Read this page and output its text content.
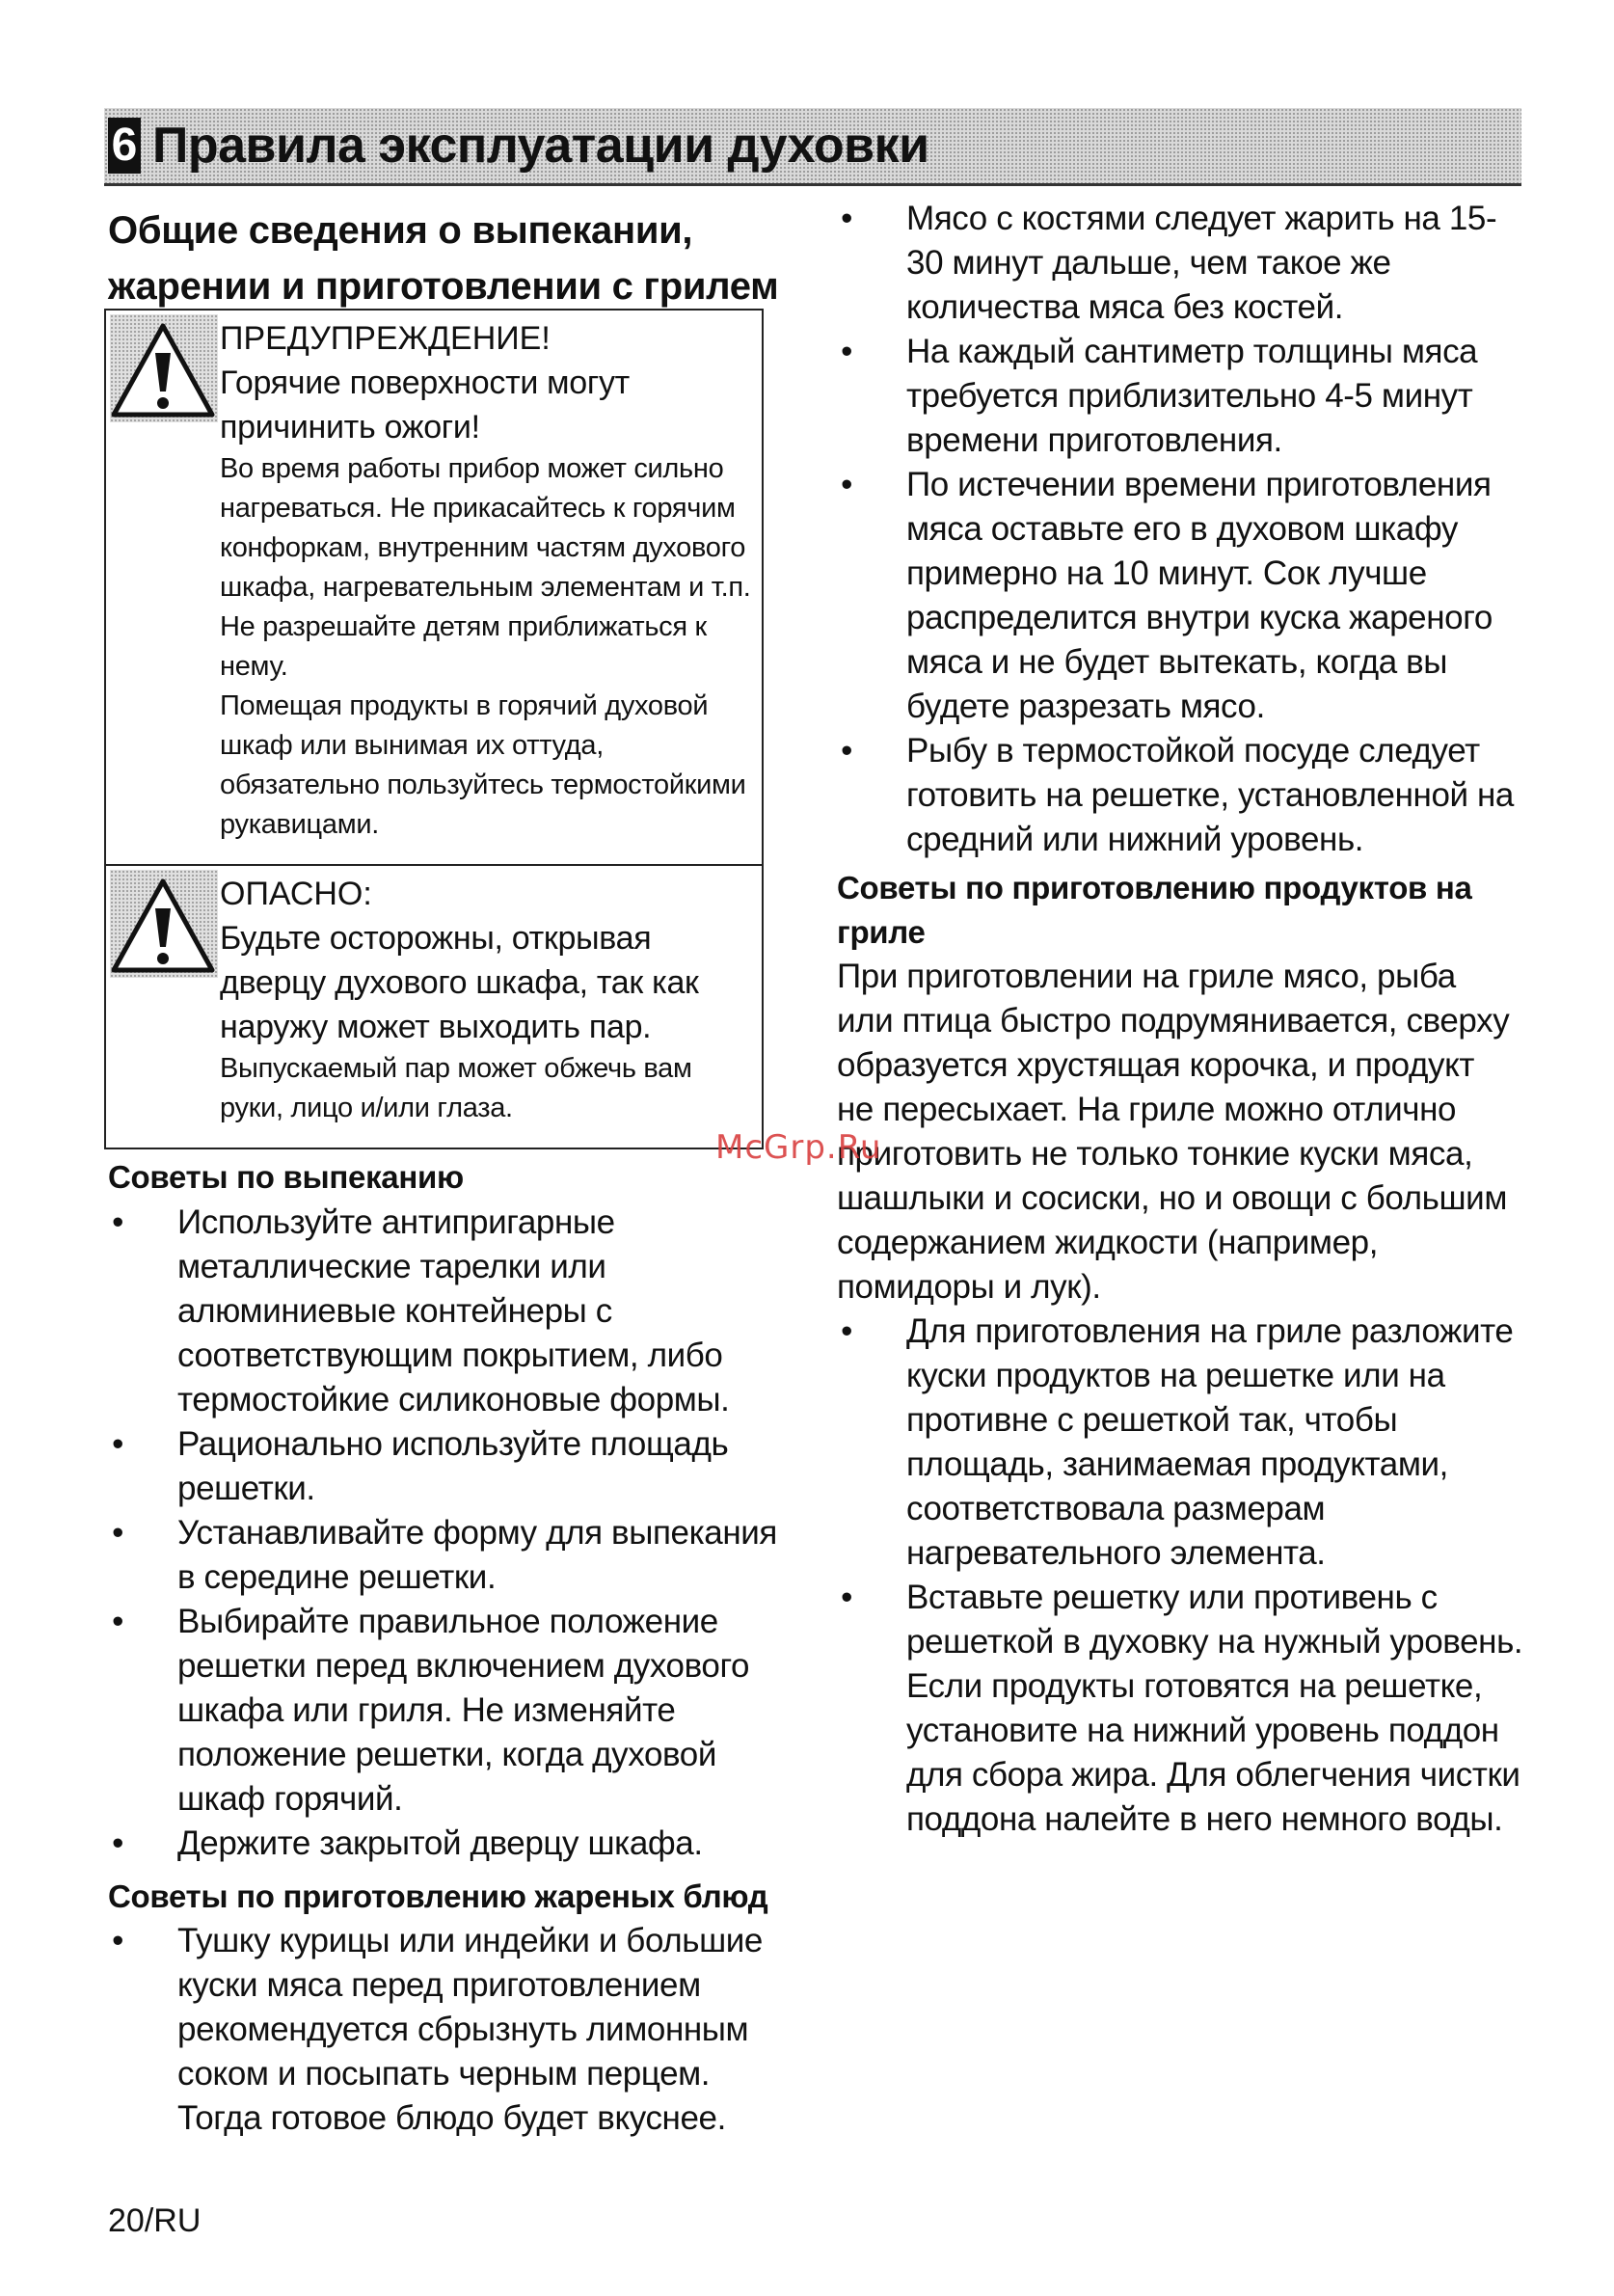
6 Правила эксплуатации духовки
Общие сведения о выпекании, жарении и приготовлении с грилем

ПРЕДУПРЕЖДЕНИЕ!

Горячие поверхности могут причинить ожоги!

Во время работы прибор может сильно нагреваться. Не прикасайтесь к горячим конфоркам, внутренним частям духового шкафа, нагревательным элементам и т.п. Не разрешайте детям приближаться к нему.

Помещая продукты в горячий духовой шкаф или вынимая их оттуда, обязательно пользуйтесь термостойкими рукавицами.

ОПАСНО:

Будьте осторожны, открывая дверцу духового шкафа, так как наружу может выходить пар.

Выпускаемый пар может обжечь вам руки, лицо и/или глаза.

Советы по выпеканию
• Используйте антипригарные металлические тарелки или алюминиевые контейнеры с соответствующим покрытием, либо термостойкие силиконовые формы.
• Рационально используйте площадь решетки.
• Устанавливайте форму для выпекания в середине решетки.
• Выбирайте правильное положение решетки перед включением духового шкафа или гриля. Не изменяйте положение решетки, когда духовой шкаф горячий.
• Держите закрытой дверцу шкафа.
Советы по приготовлению жареных блюд
• Тушку курицы или индейки и большие куски мяса перед приготовлением рекомендуется сбрызнуть лимонным соком и посыпать черным перцем. Тогда готовое блюдо будет вкуснее.
• Мясо с костями следует жарить на 15-30 минут дальше, чем такое же количества мяса без костей.
• На каждый сантиметр толщины мяса требуется приблизительно 4-5 минут времени приготовления.
• По истечении времени приготовления мяса оставьте его в духовом шкафу примерно на 10 минут. Сок лучше распределится внутри куска жареного мяса и не будет вытекать, когда вы будете разрезать мясо.
• Рыбу в термостойкой посуде следует готовить на решетке, установленной на средний или нижний уровень.
Советы по приготовлению продуктов на гриле

При приготовлении на гриле мясо, рыба или птица быстро подрумянивается, сверху образуется хрустящая корочка, и продукт не пересыхает. На гриле можно отлично приготовить не только тонкие куски мяса, шашлыки и сосиски, но и овощи с большим содержанием жидкости (например, помидоры и лук).

• Для приготовления на гриле разложите куски продуктов на решетке или на противне с решеткой так, чтобы площадь, занимаемая продуктами, соответствовала размерам нагревательного элемента.
• Вставьте решетку или противень с решеткой в духовку на нужный уровень. Если продукты готовятся на решетке, установите на нижний уровень поддон для сбора жира. Для облегчения чистки поддона налейте в него немного воды.
McGrp.Ru
20/RU
